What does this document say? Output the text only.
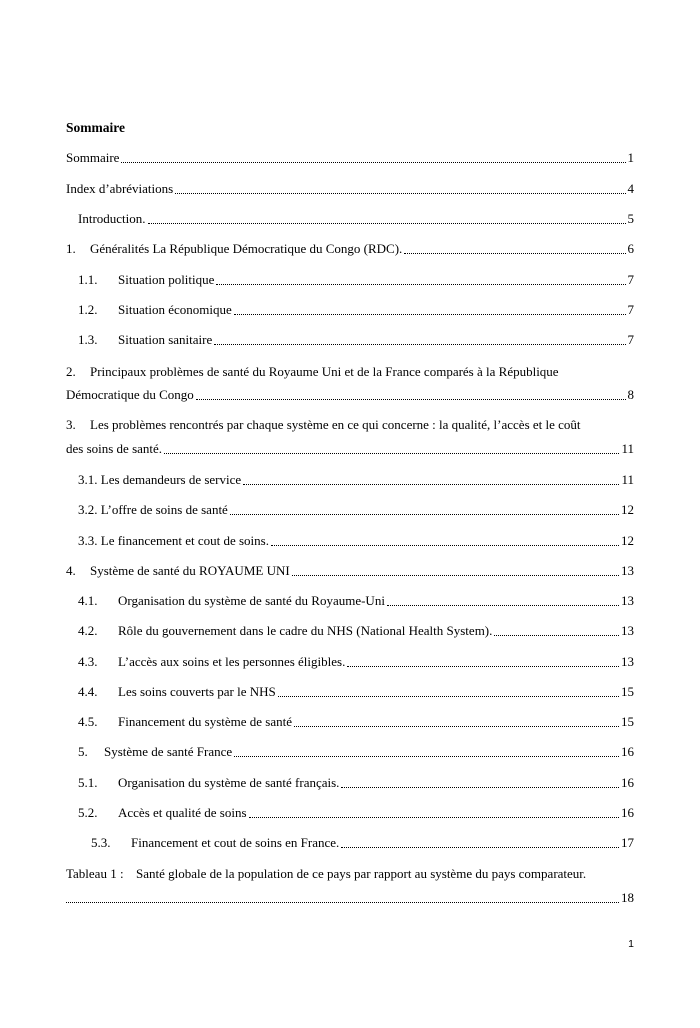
Sommaire
Sommaire	1
Index d’abréviations	4
Introduction.	5
1.	Généralités La République Démocratique du Congo (RDC).	6
1.1.	Situation politique	7
1.2.	Situation économique	7
1.3.	Situation sanitaire	7
2.	Principaux problèmes de santé du Royaume Uni et de la France comparés à la République
Démocratique du Congo	8
3.	Les problèmes rencontrés par chaque système en ce qui concerne : la qualité, l’accès et le coût
des soins de santé.	11
3.1. Les demandeurs de service	11
3.2. L’offre de soins de santé	12
3.3. Le financement et cout de soins.	12
4.	Système de santé du ROYAUME UNI	13
4.1.	Organisation du système de santé du Royaume-Uni	13
4.2.	Rôle du gouvernement dans le cadre du NHS (National Health System).	13
4.3.	L’accès aux soins et les personnes éligibles.	13
4.4.	Les soins couverts par le NHS	15
4.5.	Financement du système de santé	15
5.	Système de santé France	16
5.1.	Organisation du système de santé français.	16
5.2.	Accès et qualité de soins	16
5.3.	Financement et cout de soins en France.	17
Tableau 1 : Santé globale de la population de ce pays par rapport au système du pays comparateur.
18
1
